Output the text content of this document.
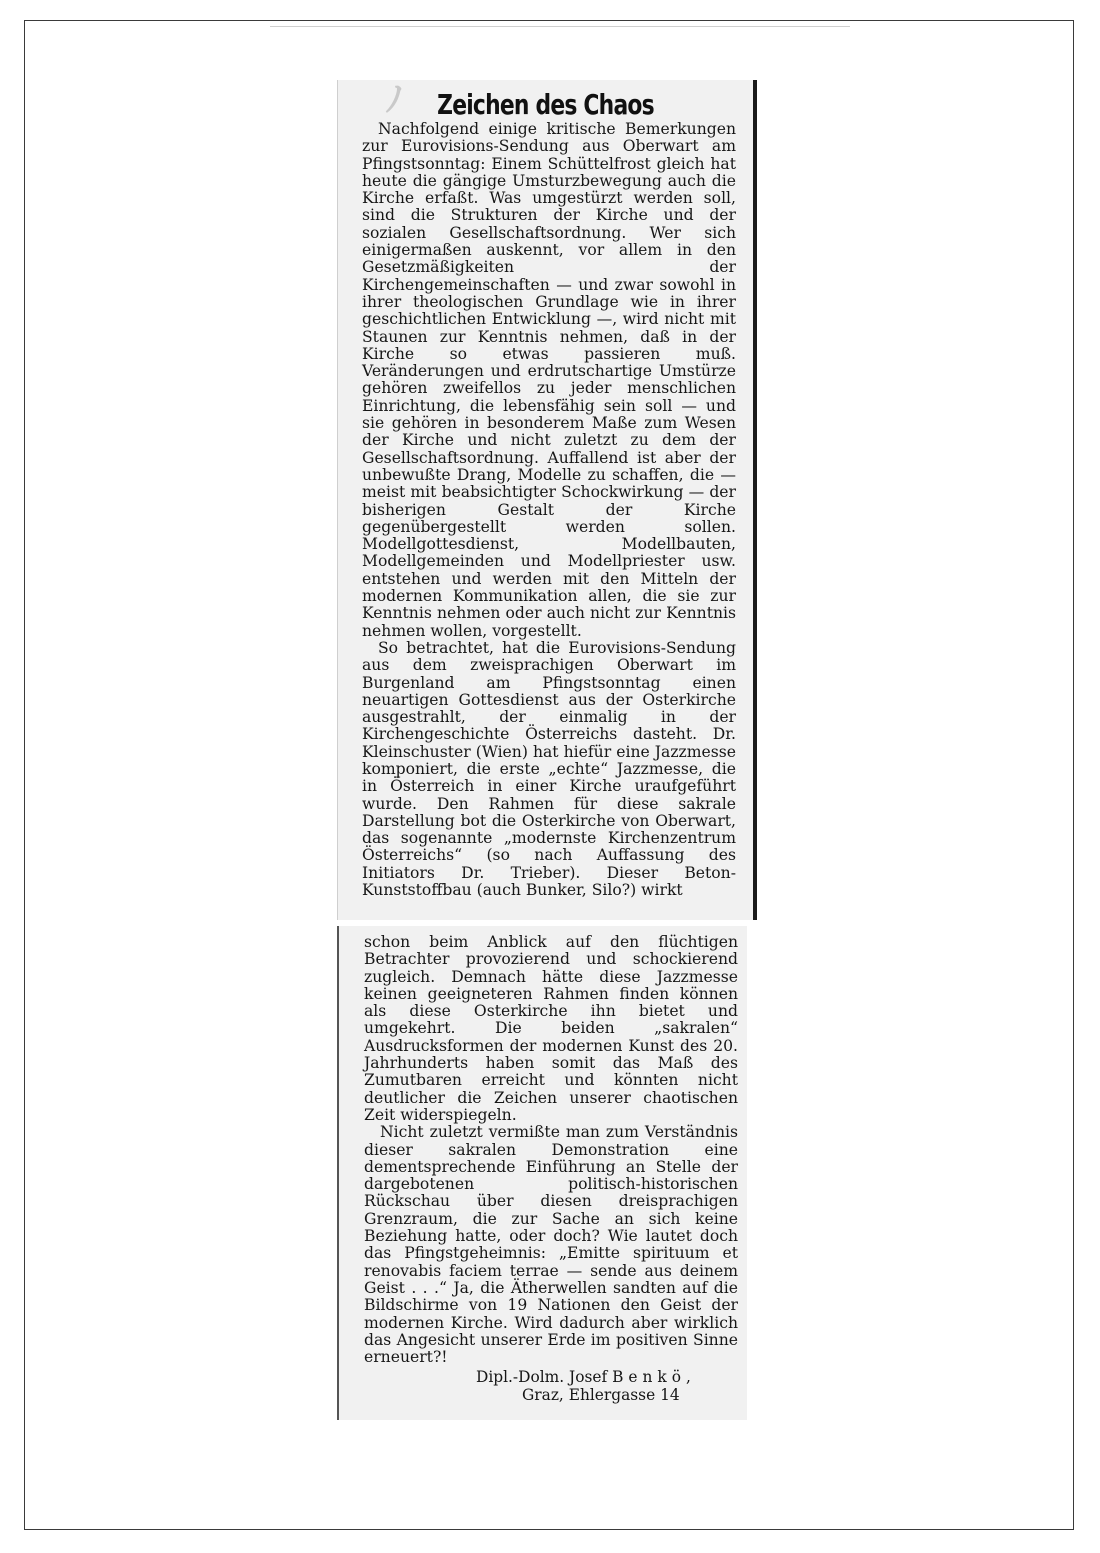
ﾉ	Zeichen des Chaos

Nachfolgend einige kritische Bemerkungen zur Eurovisions-Sendung aus Oberwart am Pfingstsonntag: Einem Schüttelfrost gleich hat heute die gängige Umsturzbewegung auch die Kirche erfaßt. Was umgestürzt werden soll, sind die Strukturen der Kirche und der sozialen Gesellschaftsordnung. Wer sich einigermaßen auskennt, vor allem in den Gesetzmäßigkeiten der Kirchengemeinschaften — und zwar sowohl in ihrer theologischen Grundlage wie in ihrer geschichtlichen Entwicklung —, wird nicht mit Staunen zur Kenntnis nehmen, daß in der Kirche so etwas passieren muß. Veränderungen und erdrutschartige Umstürze gehören zweifellos zu jeder menschlichen Einrichtung, die lebensfähig sein soll — und sie gehören in besonderem Maße zum Wesen der Kirche und nicht zuletzt zu dem der Gesellschaftsordnung. Auffallend ist aber der unbewußte Drang, Modelle zu schaffen, die — meist mit beabsichtigter Schockwirkung — der bisherigen Gestalt der Kirche gegenübergestellt werden sollen. Modellgottesdienst, Modellbauten, Modellgemeinden und Modellpriester usw. entstehen und werden mit den Mitteln der modernen Kommunikation allen, die sie zur Kenntnis nehmen oder auch nicht zur Kenntnis nehmen wollen, vorgestellt.

So betrachtet, hat die Eurovisions-Sendung aus dem zweisprachigen Oberwart im Burgenland am Pfingstsonntag einen neuartigen Gottesdienst aus der Osterkirche ausgestrahlt, der einmalig in der Kirchengeschichte Österreichs dasteht. Dr. Kleinschuster (Wien) hat hiefür eine Jazzmesse komponiert, die erste „echte“ Jazzmesse, die in Österreich in einer Kirche uraufgeführt wurde. Den Rahmen für diese sakrale Darstellung bot die Osterkirche von Oberwart, das sogenannte „modernste Kirchenzentrum Österreichs“ (so nach Auffassung des Initiators Dr. Trieber). Dieser Beton-Kunststoffbau (auch Bunker, Silo?) wirkt

schon beim Anblick auf den flüchtigen Betrachter provozierend und schockierend zugleich. Demnach hätte diese Jazzmesse keinen geeigneteren Rahmen finden können als diese Osterkirche ihn bietet und umgekehrt. Die beiden „sakralen“ Ausdrucksformen der modernen Kunst des 20. Jahrhunderts haben somit das Maß des Zumutbaren erreicht und könnten nicht deutlicher die Zeichen unserer chaotischen Zeit widerspiegeln.

Nicht zuletzt vermißte man zum Verständnis dieser sakralen Demonstration eine dementsprechende Einführung an Stelle der dargebotenen politisch-historischen Rückschau über diesen dreisprachigen Grenzraum, die zur Sache an sich keine Beziehung hatte, oder doch? Wie lautet doch das Pfingstgeheimnis: „Emitte spirituum et renovabis faciem terrae — sende aus deinem Geist . . .“ Ja, die Ätherwellen sandten auf die Bildschirme von 19 Nationen den Geist der modernen Kirche. Wird dadurch aber wirklich das Angesicht unserer Erde im positiven Sinne erneuert?!

Dipl.-Dolm. Josef Benkö,
Graz, Ehlergasse 14
